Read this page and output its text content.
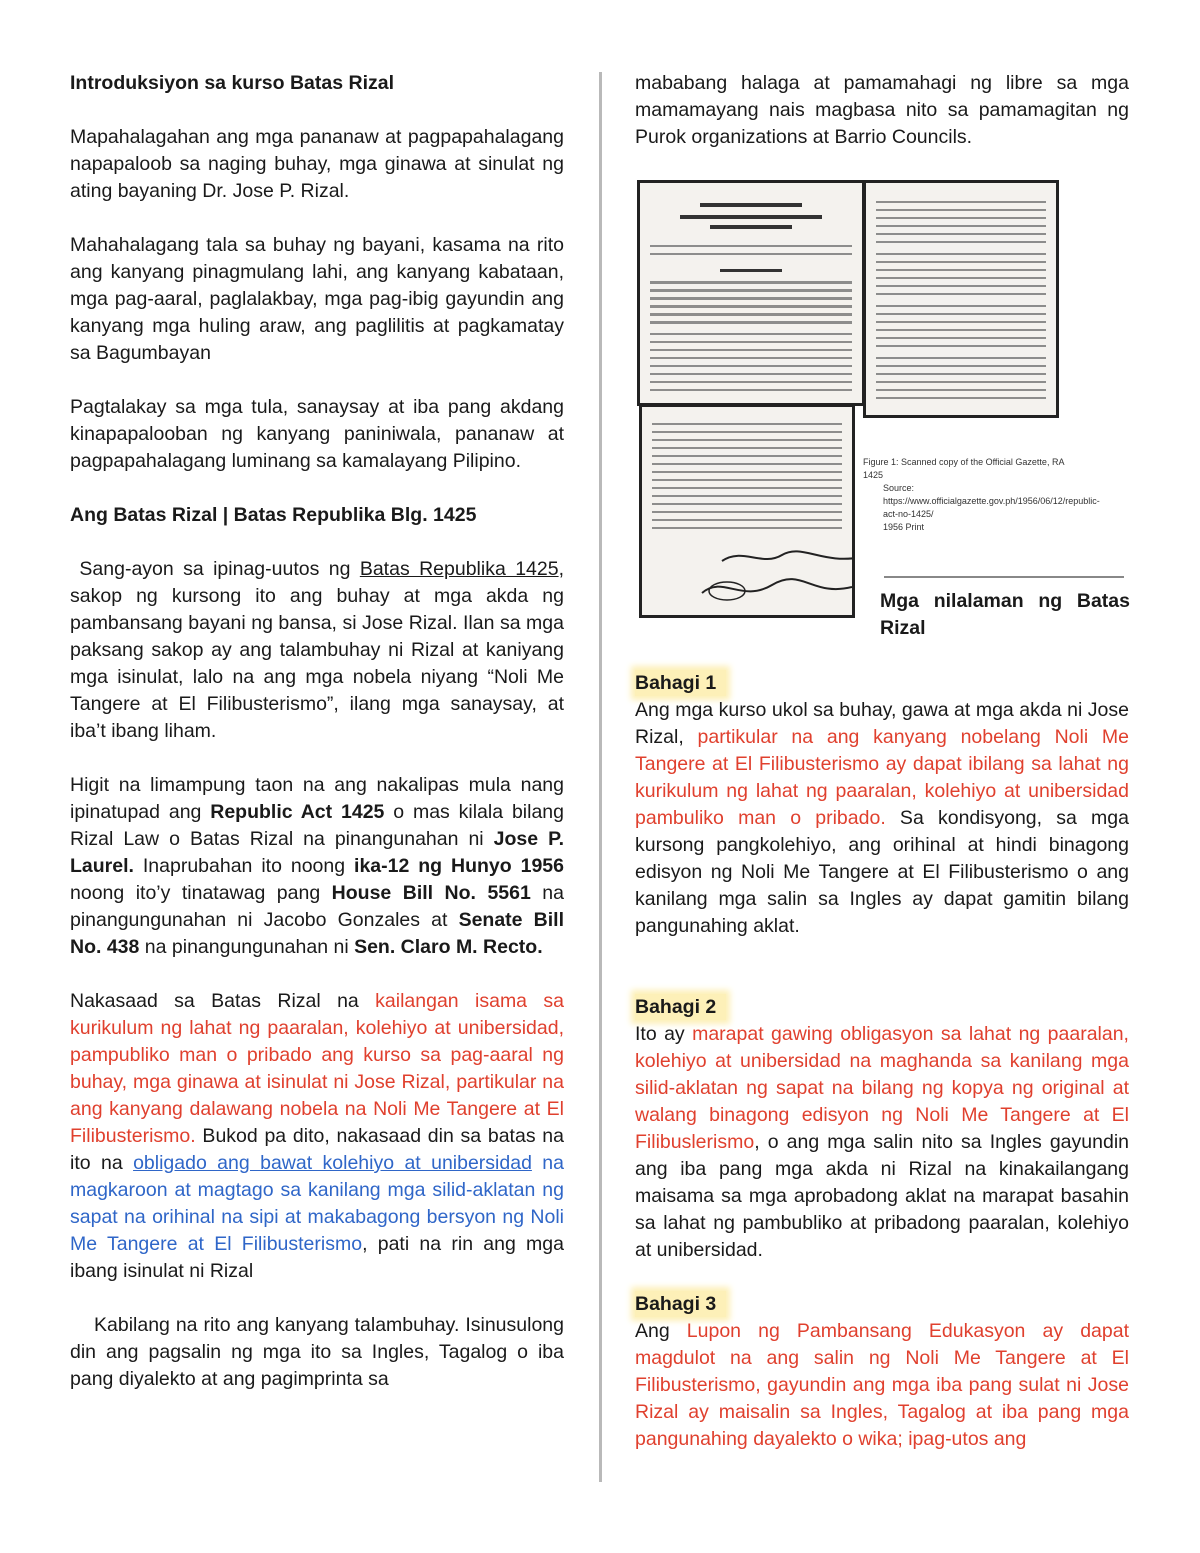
Introduksiyon sa kurso Batas Rizal

Mapahalagahan ang mga pananaw at pagpapahalagang napapaloob sa naging buhay, mga ginawa at sinulat ng ating bayaning Dr. Jose P. Rizal.

Mahahalagang tala sa buhay ng bayani, kasama na rito ang kanyang pinagmulang lahi, ang kanyang kabataan, mga pag-aaral, paglalakbay, mga pag-ibig gayundin ang kanyang mga huling araw, ang paglilitis at pagkamatay sa Bagumbayan

Pagtalakay sa mga tula, sanaysay at iba pang akdang kinapapalooban ng kanyang paniniwala, pananaw at pagpapahalagang luminang sa kamalayang Pilipino.

Ang Batas Rizal | Batas Republika Blg. 1425

Sang-ayon sa ipinag-uutos ng Batas Republika 1425, sakop ng kursong ito ang buhay at mga akda ng pambansang bayani ng bansa, si Jose Rizal. Ilan sa mga paksang sakop ay ang talambuhay ni Rizal at kaniyang mga isinulat, lalo na ang mga nobela niyang “Noli Me Tangere at El Filibusterismo”, ilang mga sanaysay, at iba’t ibang liham.

Higit na limampung taon na ang nakalipas mula nang ipinatupad ang Republic Act 1425 o mas kilala bilang Rizal Law o Batas Rizal na pinangunahan ni Jose P. Laurel. Inaprubahan ito noong ika-12 ng Hunyo 1956 noong ito’y tinatawag pang House Bill No. 5561 na pinangungunahan ni Jacobo Gonzales at Senate Bill No. 438 na pinangungunahan ni Sen. Claro M. Recto.

Nakasaad sa Batas Rizal na kailangan isama sa kurikulum ng lahat ng paaralan, kolehiyo at unibersidad, pampubliko man o pribado ang kurso sa pag-aaral ng buhay, mga ginawa at isinulat ni Jose Rizal, partikular na ang kanyang dalawang nobela na Noli Me Tangere at El Filibusterismo. Bukod pa dito, nakasaad din sa batas na ito na obligado ang bawat kolehiyo at unibersidad na magkaroon at magtago sa kanilang mga silid-aklatan ng sapat na orihinal na sipi at makabagong bersyon ng Noli Me Tangere at El Filibusterismo, pati na rin ang mga ibang isinulat ni Rizal

Kabilang na rito ang kanyang talambuhay. Isinusulong din ang pagsalin ng mga ito sa Ingles, Tagalog o iba pang diyalekto at ang pagimprinta sa

mababang halaga at pamamahagi ng libre sa mga mamamayang nais magbasa nito sa pamamagitan ng Purok organizations at Barrio Councils.

Figure 1: Scanned copy of the Official Gazette, RA 1425
Source: https://www.officialgazette.gov.ph/1956/06/12/republic-act-no-1425/
1956 Print
Mga nilalaman ng Batas Rizal

Bahagi 1

Ang mga kurso ukol sa buhay, gawa at mga akda ni Jose Rizal, partikular na ang kanyang nobelang Noli Me Tangere at El Filibusterismo ay dapat ibilang sa lahat ng kurikulum ng lahat ng paaralan, kolehiyo at unibersidad pambuliko man o pribado. Sa kondisyong, sa mga kursong pangkolehiyo, ang orihinal at hindi binagong edisyon ng Noli Me Tangere at El Filibusterismo o ang kanilang mga salin sa Ingles ay dapat gamitin bilang pangunahing aklat.

Bahagi 2

Ito ay marapat gawing obligasyon sa lahat ng paaralan, kolehiyo at unibersidad na maghanda sa kanilang mga silid-aklatan ng sapat na bilang ng kopya ng original at walang binagong edisyon ng Noli Me Tangere at El Filibuslerismo, o ang mga salin nito sa Ingles gayundin ang iba pang mga akda ni Rizal na kinakailangang maisama sa mga aprobadong aklat na marapat basahin sa lahat ng pambubliko at pribadong paaralan, kolehiyo at unibersidad.

Bahagi 3

Ang Lupon ng Pambansang Edukasyon ay dapat magdulot na ang salin ng Noli Me Tangere at El Filibusterismo, gayundin ang mga iba pang sulat ni Jose Rizal ay maisalin sa Ingles, Tagalog at iba pang mga pangunahing dayalekto o wika; ipag-utos ang
